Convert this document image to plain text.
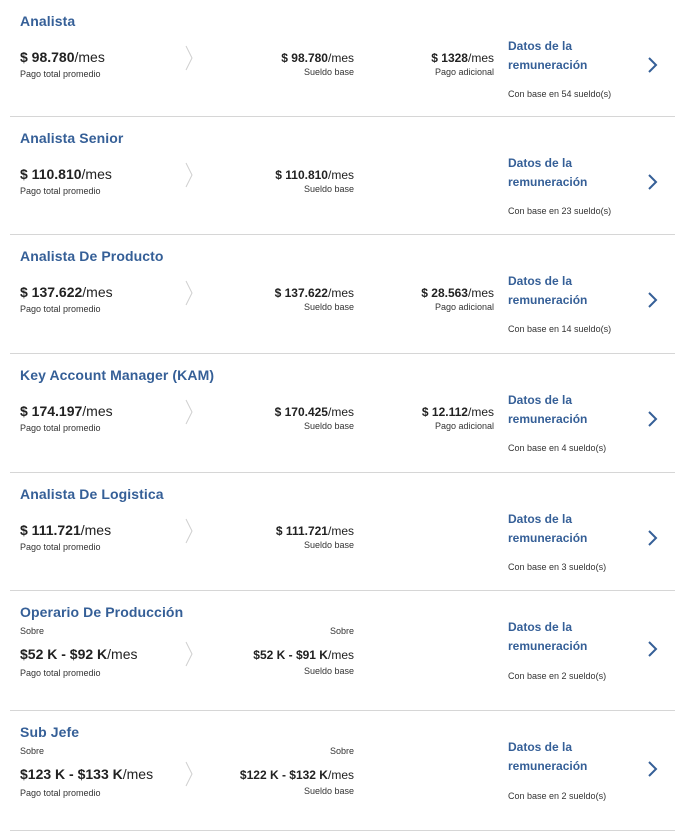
Analista
$ 98.780/mes
Pago total promedio
$ 98.780/mes
Sueldo base
$ 1328/mes
Pago adicional
Datos de la
remuneración
Con base en 54 sueldo(s)
Analista Senior
$ 110.810/mes
Pago total promedio
$ 110.810/mes
Sueldo base
Datos de la
remuneración
Con base en 23 sueldo(s)
Analista De Producto
$ 137.622/mes
Pago total promedio
$ 137.622/mes
Sueldo base
$ 28.563/mes
Pago adicional
Datos de la
remuneración
Con base en 14 sueldo(s)
Key Account Manager (KAM)
$ 174.197/mes
Pago total promedio
$ 170.425/mes
Sueldo base
$ 12.112/mes
Pago adicional
Datos de la
remuneración
Con base en 4 sueldo(s)
Analista De Logistica
$ 111.721/mes
Pago total promedio
$ 111.721/mes
Sueldo base
Datos de la
remuneración
Con base en 3 sueldo(s)
Operario De Producción
Sobre
$52 K - $92 K/mes
Pago total promedio
Sobre
$52 K - $91 K/mes
Sueldo base
Datos de la
remuneración
Con base en 2 sueldo(s)
Sub Jefe
Sobre
$123 K - $133 K/mes
Pago total promedio
Sobre
$122 K - $132 K/mes
Sueldo base
Datos de la
remuneración
Con base en 2 sueldo(s)
